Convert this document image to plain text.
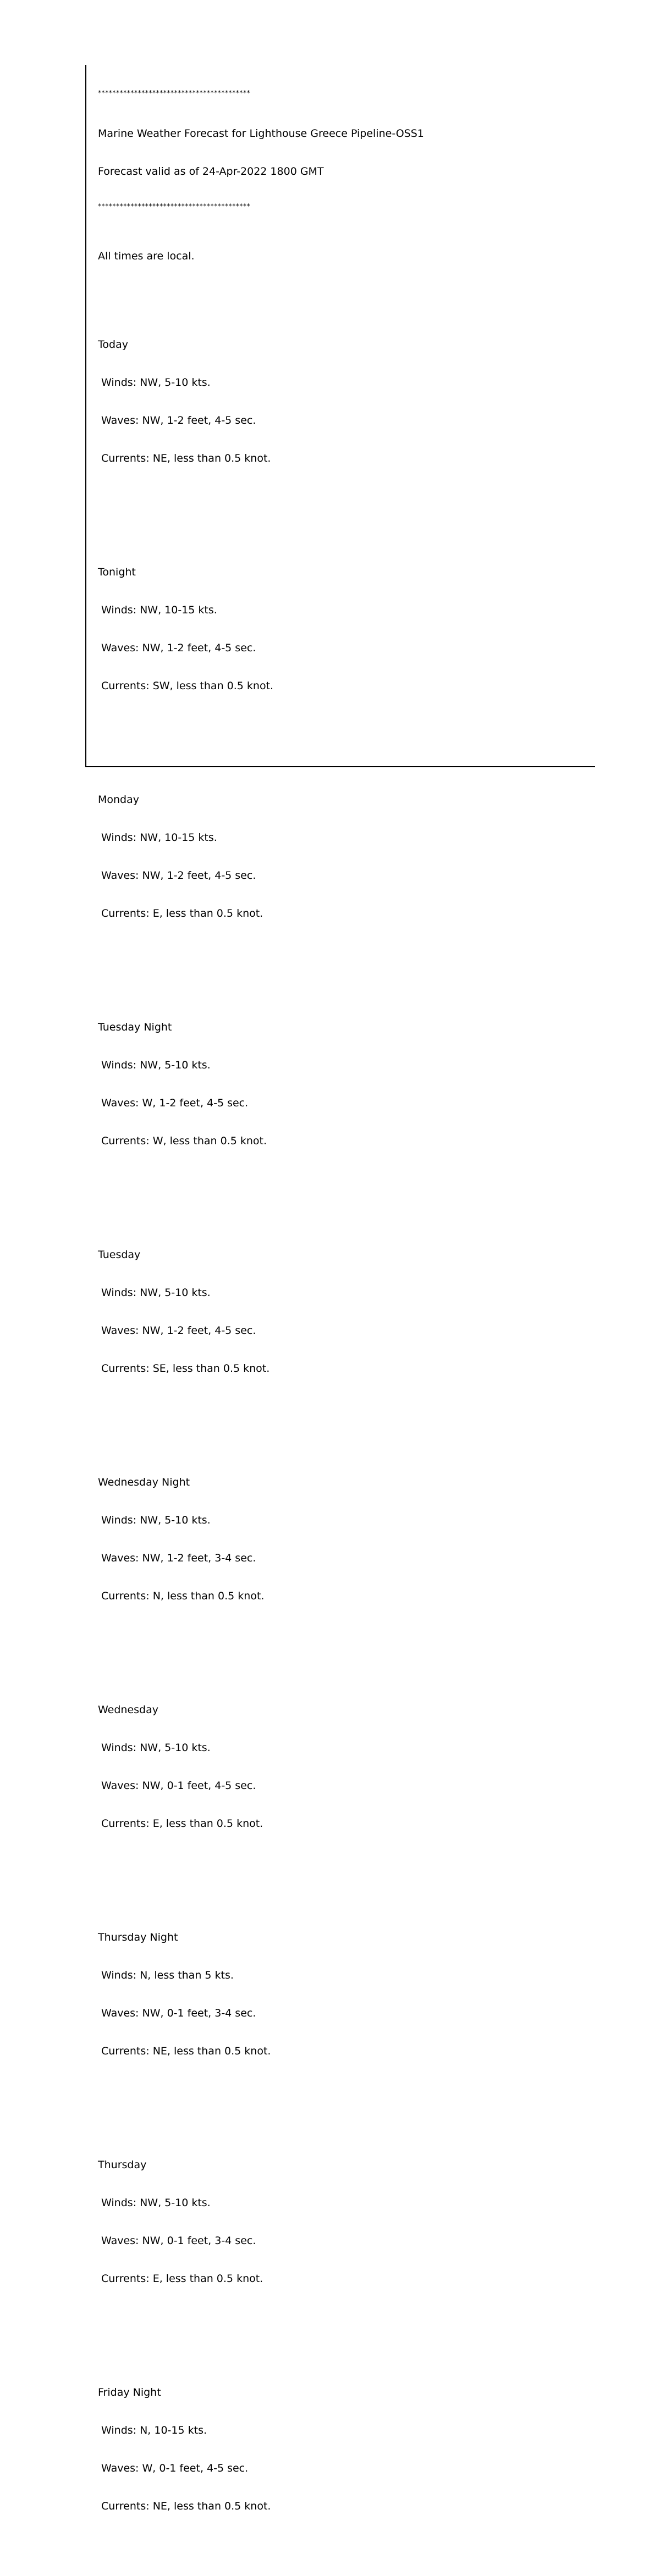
******************************************

Marine Weather Forecast for Lighthouse Greece Pipeline-OSS1

Forecast valid as of 24-Apr-2022 1800 GMT

******************************************

All times are local.

Today

Winds: NW, 5-10 kts.

Waves: NW, 1-2 feet, 4-5 sec.

Currents: NE, less than 0.5 knot.

Tonight

Winds: NW, 10-15 kts.

Waves: NW, 1-2 feet, 4-5 sec.

Currents: SW, less than 0.5 knot.

Monday

Winds: NW, 10-15 kts.

Waves: NW, 1-2 feet, 4-5 sec.

Currents: E, less than 0.5 knot.

Tuesday Night

Winds: NW, 5-10 kts.

Waves: W, 1-2 feet, 4-5 sec.

Currents: W, less than 0.5 knot.

Tuesday

Winds: NW, 5-10 kts.

Waves: NW, 1-2 feet, 4-5 sec.

Currents: SE, less than 0.5 knot.

Wednesday Night

Winds: NW, 5-10 kts.

Waves: NW, 1-2 feet, 3-4 sec.

Currents: N, less than 0.5 knot.

Wednesday

Winds: NW, 5-10 kts.

Waves: NW, 0-1 feet, 4-5 sec.

Currents: E, less than 0.5 knot.

Thursday Night

Winds: N, less than 5 kts.

Waves: NW, 0-1 feet, 3-4 sec.

Currents: NE, less than 0.5 knot.

Thursday

Winds: NW, 5-10 kts.

Waves: NW, 0-1 feet, 3-4 sec.

Currents: E, less than 0.5 knot.

Friday Night

Winds: N, 10-15 kts.

Waves: W, 0-1 feet, 4-5 sec.

Currents: NE, less than 0.5 knot.
